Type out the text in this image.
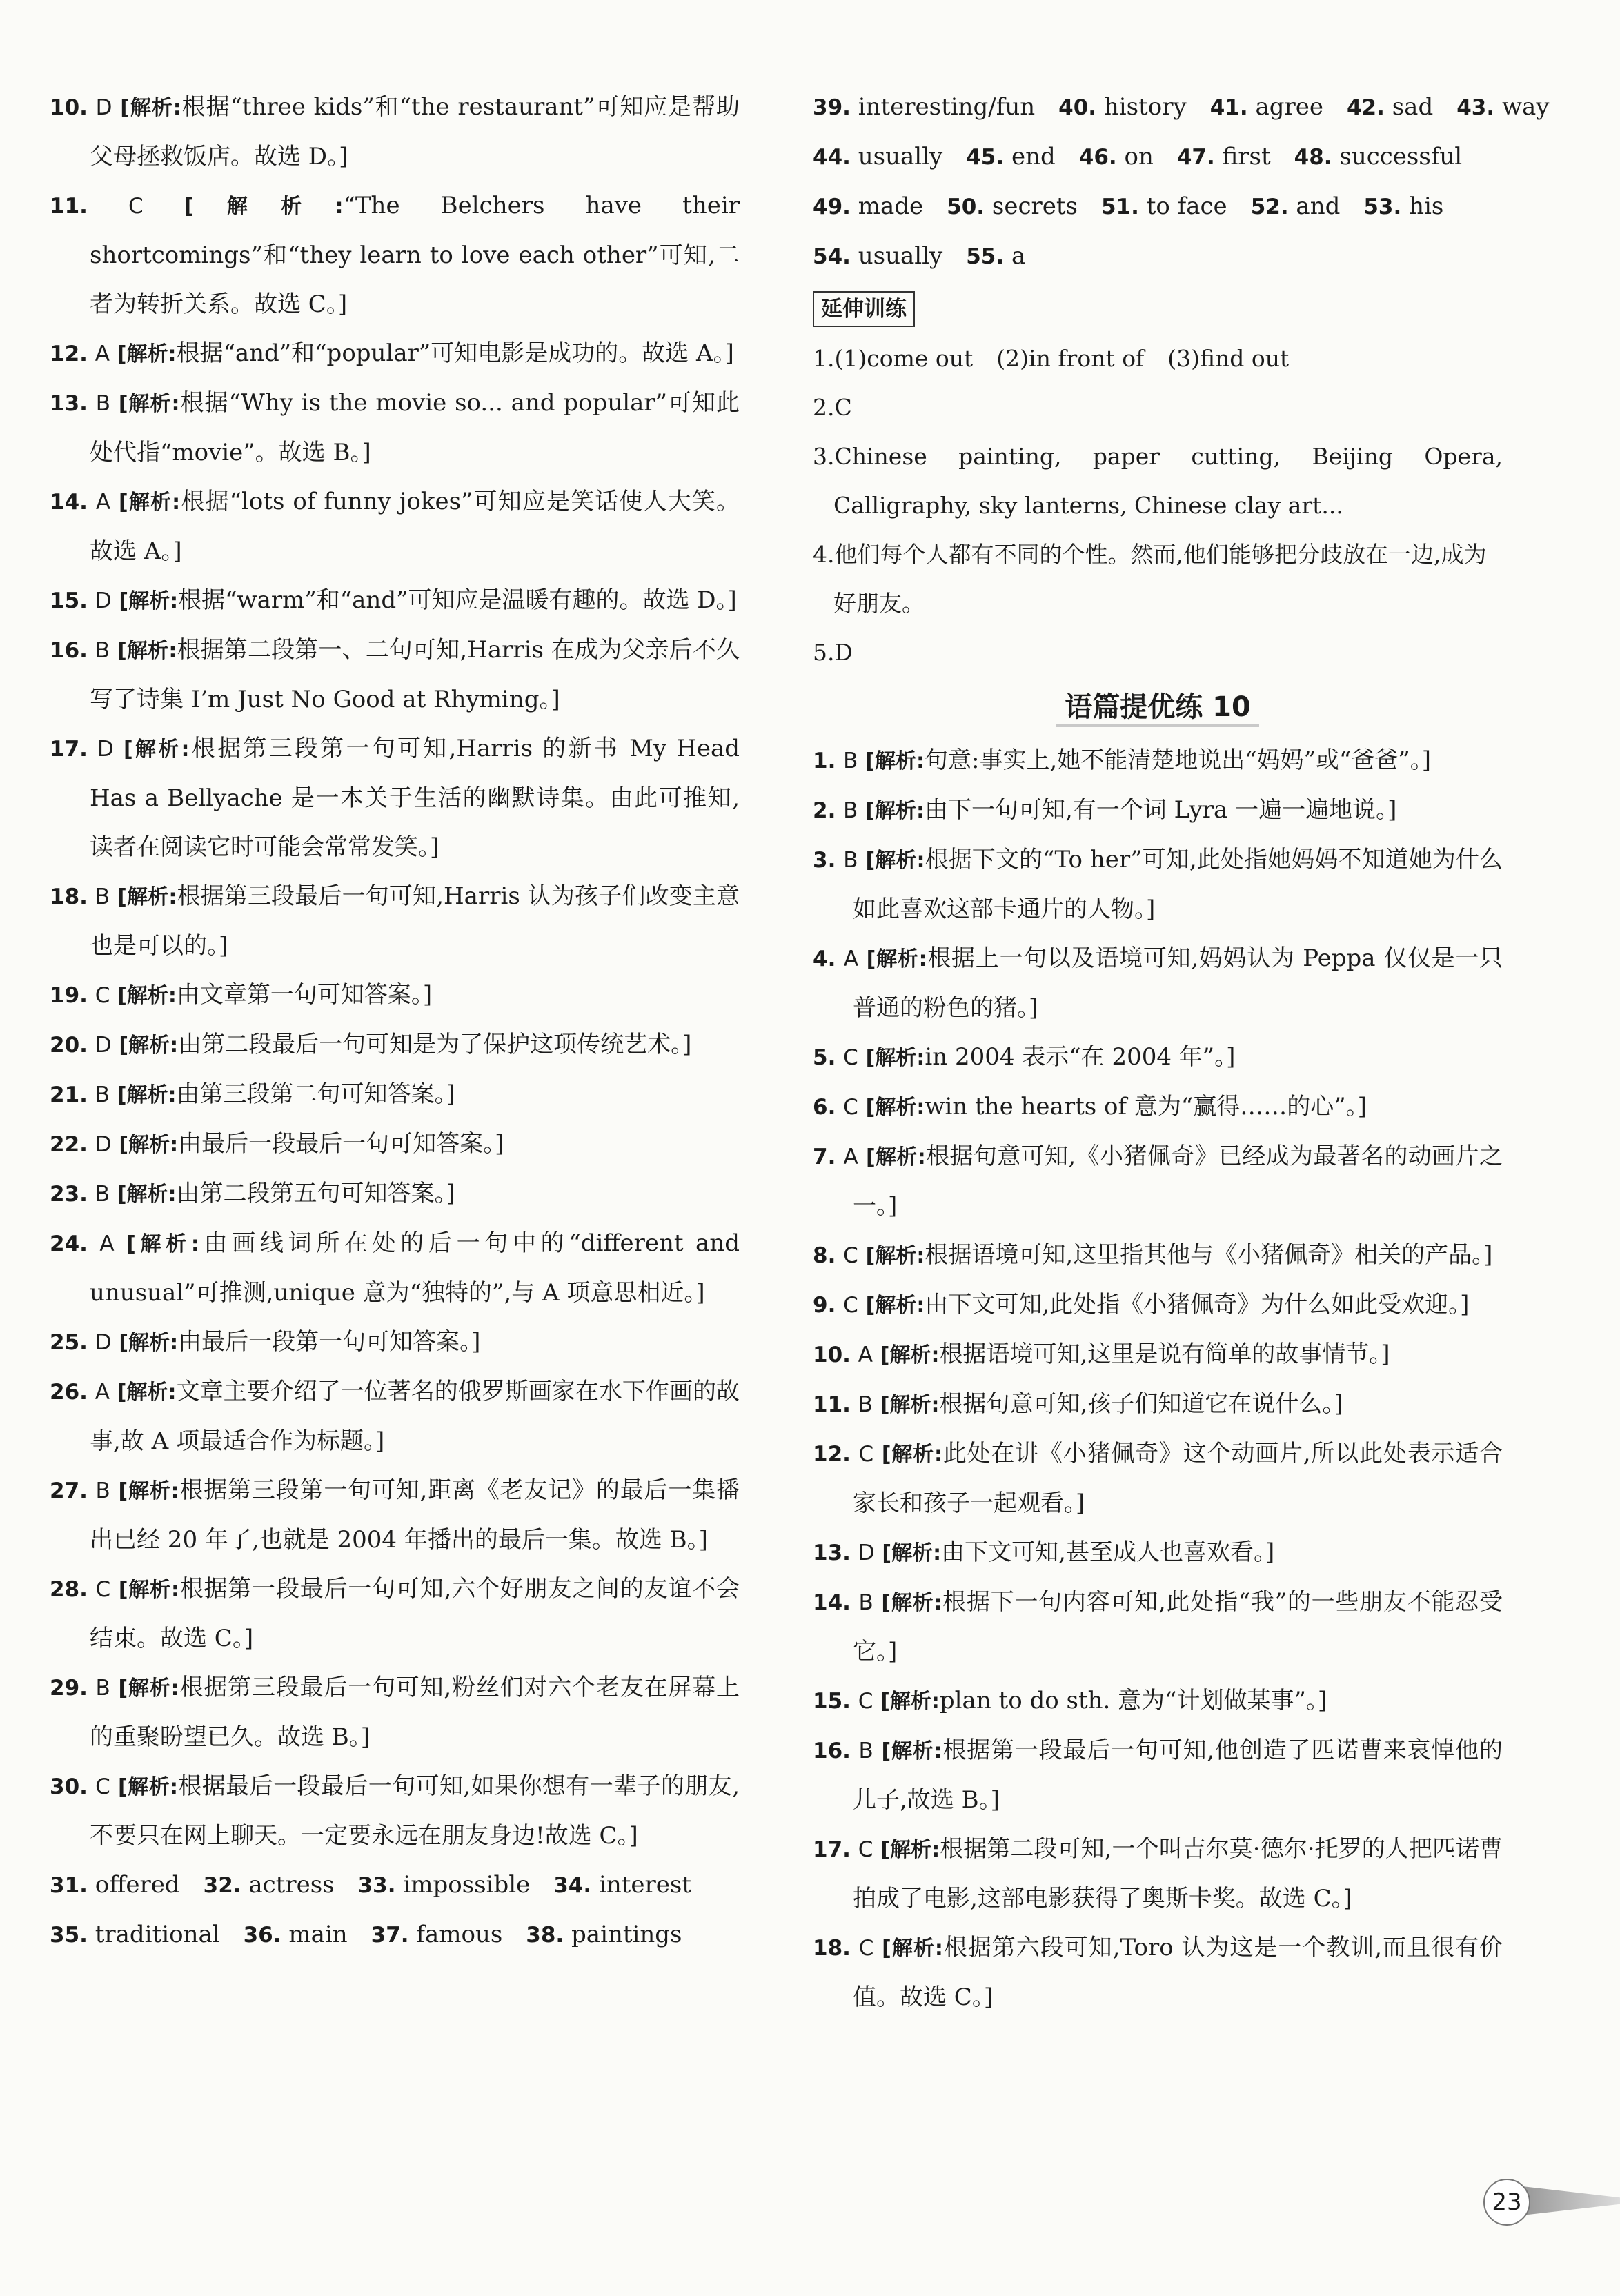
10. D [解析:根据“three kids”和“the restaurant”可知应是帮助父母拯救饭店。故选 D。]

11. C [解析:“The Belchers have their shortcomings”和“they learn to love each other”可知,二者为转折关系。故选 C。]

12. A [解析:根据“and”和“popular”可知电影是成功的。故选 A。]

13. B [解析:根据“Why is the movie so... and popular”可知此处代指“movie”。故选 B。]

14. A [解析:根据“lots of funny jokes”可知应是笑话使人大笑。故选 A。]

15. D [解析:根据“warm”和“and”可知应是温暖有趣的。故选 D。]

16. B [解析:根据第二段第一、二句可知,Harris 在成为父亲后不久写了诗集 I’m Just No Good at Rhyming。]

17. D [解析:根据第三段第一句可知,Harris 的新书 My Head Has a Bellyache 是一本关于生活的幽默诗集。由此可推知,读者在阅读它时可能会常常发笑。]

18. B [解析:根据第三段最后一句可知,Harris 认为孩子们改变主意也是可以的。]

19. C [解析:由文章第一句可知答案。]

20. D [解析:由第二段最后一句可知是为了保护这项传统艺术。]

21. B [解析:由第三段第二句可知答案。]

22. D [解析:由最后一段最后一句可知答案。]

23. B [解析:由第二段第五句可知答案。]

24. A [解析:由画线词所在处的后一句中的“different and unusual”可推测,unique 意为“独特的”,与 A 项意思相近。]

25. D [解析:由最后一段第一句可知答案。]

26. A [解析:文章主要介绍了一位著名的俄罗斯画家在水下作画的故事,故 A 项最适合作为标题。]

27. B [解析:根据第三段第一句可知,距离《老友记》的最后一集播出已经 20 年了,也就是 2004 年播出的最后一集。故选 B。]

28. C [解析:根据第一段最后一句可知,六个好朋友之间的友谊不会结束。故选 C。]

29. B [解析:根据第三段最后一句可知,粉丝们对六个老友在屏幕上的重聚盼望已久。故选 B。]

30. C [解析:根据最后一段最后一句可知,如果你想有一辈子的朋友,不要只在网上聊天。一定要永远在朋友身边!故选 C。]

31. offered 32. actress 33. impossible 34. interest
35. traditional 36. main 37. famous 38. paintings
39. interesting/fun 40. history 41. agree 42. sad 43. way
44. usually 45. end 46. on 47. first 48. successful
49. made 50. secrets 51. to face 52. and 53. his
54. usually 55. a
延伸训练

1.(1)come out (2)in front of (3)find out

2.C

3.Chinese painting, paper cutting, Beijing Opera, Calligraphy, sky lanterns, Chinese clay art...

4.他们每个人都有不同的个性。然而,他们能够把分歧放在一边,成为好朋友。

5.D

语篇提优练 10

1. B [解析:句意:事实上,她不能清楚地说出“妈妈”或“爸爸”。]

2. B [解析:由下一句可知,有一个词 Lyra 一遍一遍地说。]

3. B [解析:根据下文的“To her”可知,此处指她妈妈不知道她为什么如此喜欢这部卡通片的人物。]

4. A [解析:根据上一句以及语境可知,妈妈认为 Peppa 仅仅是一只普通的粉色的猪。]

5. C [解析:in 2004 表示“在 2004 年”。]

6. C [解析:win the hearts of 意为“赢得……的心”。]

7. A [解析:根据句意可知,《小猪佩奇》已经成为最著名的动画片之一。]

8. C [解析:根据语境可知,这里指其他与《小猪佩奇》相关的产品。]

9. C [解析:由下文可知,此处指《小猪佩奇》为什么如此受欢迎。]

10. A [解析:根据语境可知,这里是说有简单的故事情节。]

11. B [解析:根据句意可知,孩子们知道它在说什么。]

12. C [解析:此处在讲《小猪佩奇》这个动画片,所以此处表示适合家长和孩子一起观看。]

13. D [解析:由下文可知,甚至成人也喜欢看。]

14. B [解析:根据下一句内容可知,此处指“我”的一些朋友不能忍受它。]

15. C [解析:plan to do sth. 意为“计划做某事”。]

16. B [解析:根据第一段最后一句可知,他创造了匹诺曹来哀悼他的儿子,故选 B。]

17. C [解析:根据第二段可知,一个叫吉尔莫·德尔·托罗的人把匹诺曹拍成了电影,这部电影获得了奥斯卡奖。故选 C。]

18. C [解析:根据第六段可知,Toro 认为这是一个教训,而且很有价值。故选 C。]

23
